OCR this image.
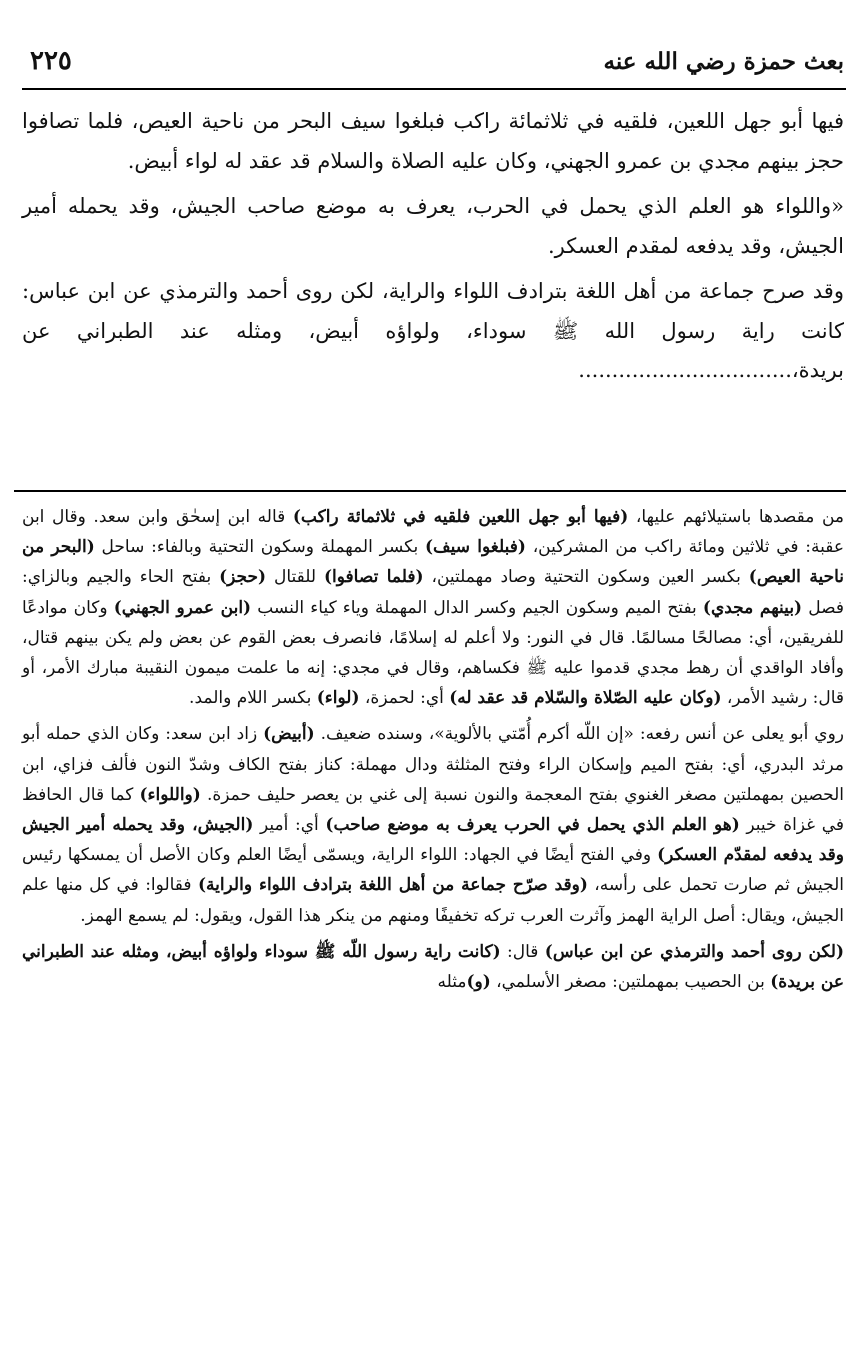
بعث حمزة رضي الله عنه
٢٢٥

فيها أبو جهل اللعين، فلقيه في ثلاثمائة راكب فبلغوا سيف البحر من ناحية العيص، فلما تصافوا حجز بينهم مجدي بن عمرو الجهني، وكان عليه الصلاة والسلام قد عقد له لواء أبيض.

«واللواء هو العلم الذي يحمل في الحرب، يعرف به موضع صاحب الجيش، وقد يحمله أمير الجيش، وقد يدفعه لمقدم العسكر.

وقد صرح جماعة من أهل اللغة بترادف اللواء والراية، لكن روى أحمد والترمذي عن ابن عباس: كانت راية رسول الله ﷺ سوداء، ولواؤه أبيض، ومثله عند الطبراني عن بريدة،................................

من مقصدها باستيلائهم عليها، (فيها أبو جهل اللعين فلقيه في ثلاثمائة راكب) قاله ابن إسحٰق وابن سعد. وقال ابن عقبة: في ثلاثين ومائة راكب من المشركين، (فبلغوا سيف) بكسر المهملة وسكون التحتية وبالفاء: ساحل (البحر من ناحية العيص) بكسر العين وسكون التحتية وصاد مهملتين، (فلما تصافوا) للقتال (حجز) بفتح الحاء والجيم وبالزاي: فصل (بينهم مجدي) بفتح الميم وسكون الجيم وكسر الدال المهملة وياء كياء النسب (ابن عمرو الجهني) وكان موادعًا للفريقين، أي: مصالحًا مسالمًا. قال في النور: ولا أعلم له إسلامًا، فانصرف بعض القوم عن بعض ولم يكن بينهم قتال، وأفاد الواقدي أن رهط مجدي قدموا عليه ﷺ فكساهم، وقال في مجدي: إنه ما علمت ميمون النقيبة مبارك الأمر، أو قال: رشيد الأمر، (وكان عليه الصّلاة والسّلام قد عقد له) أي: لحمزة، (لواء) بكسر اللام والمد.

روي أبو يعلى عن أنس رفعه: «إن اللّه أكرم أُمّتي بالألوية»، وسنده ضعيف. (أبيض) زاد ابن سعد: وكان الذي حمله أبو مرثد البدري، أي: بفتح الميم وإسكان الراء وفتح المثلثة ودال مهملة: كناز بفتح الكاف وشدّ النون فألف فزاي، ابن الحصين بمهملتين مصغر الغنوي بفتح المعجمة والنون نسبة إلى غني بن يعصر حليف حمزة. (واللواء) كما قال الحافظ في غزاة خيبر (هو العلم الذي يحمل في الحرب يعرف به موضع صاحب) أي: أمير (الجيش، وقد يحمله أمير الجيش وقد يدفعه لمقدّم العسكر) وفي الفتح أيضًا في الجهاد: اللواء الراية، ويسمّى أيضًا العلم وكان الأصل أن يمسكها رئيس الجيش ثم صارت تحمل على رأسه، (وقد صرّح جماعة من أهل اللغة بترادف اللواء والراية) فقالوا: في كل منها علم الجيش، ويقال: أصل الراية الهمز وآثرت العرب تركه تخفيفًا ومنهم من ينكر هذا القول، ويقول: لم يسمع الهمز.

(لكن روى أحمد والترمذي عن ابن عباس) قال: (كانت راية رسول اللّه ﷺ سوداء ولواؤه أبيض، ومثله عند الطبراني عن بريدة) بن الحصيب بمهملتين: مصغر الأسلمي، (و)مثله
